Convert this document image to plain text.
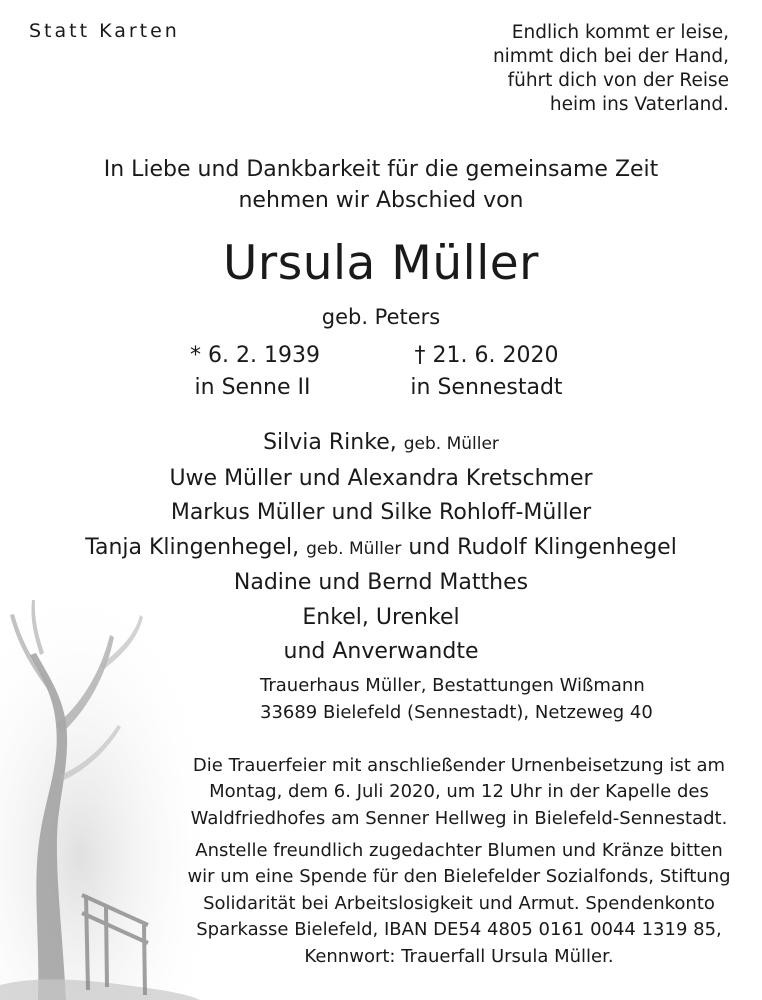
Statt Karten	Endlich kommt er leise,
nimmt dich bei der Hand,
führt dich von der Reise
heim ins Vaterland.
In Liebe und Dankbarkeit für die gemeinsame Zeit
nehmen wir Abschied von
Ursula Müller
geb. Peters
* 6. 2. 1939
in Senne II
† 21. 6. 2020
in Sennestadt
Silvia Rinke, geb. Müller
Uwe Müller und Alexandra Kretschmer
Markus Müller und Silke Rohloff-Müller
Tanja Klingenhegel, geb. Müller und Rudolf Klingenhegel
Nadine und Bernd Matthes
Enkel, Urenkel
und Anverwandte
Trauerhaus Müller, Bestattungen Wißmann
33689 Bielefeld (Sennestadt), Netzeweg 40
Die Trauerfeier mit anschließender Urnenbeisetzung ist am
Montag, dem 6. Juli 2020, um 12 Uhr in der Kapelle des
Waldfriedhofes am Senner Hellweg in Bielefeld-Sennestadt.
Anstelle freundlich zugedachter Blumen und Kränze bitten
wir um eine Spende für den Bielefelder Sozialfonds, Stiftung
Solidarität bei Arbeitslosigkeit und Armut. Spendenkonto
Sparkasse Bielefeld, IBAN DE54 4805 0161 0044 1319 85,
Kennwort: Trauerfall Ursula Müller.
